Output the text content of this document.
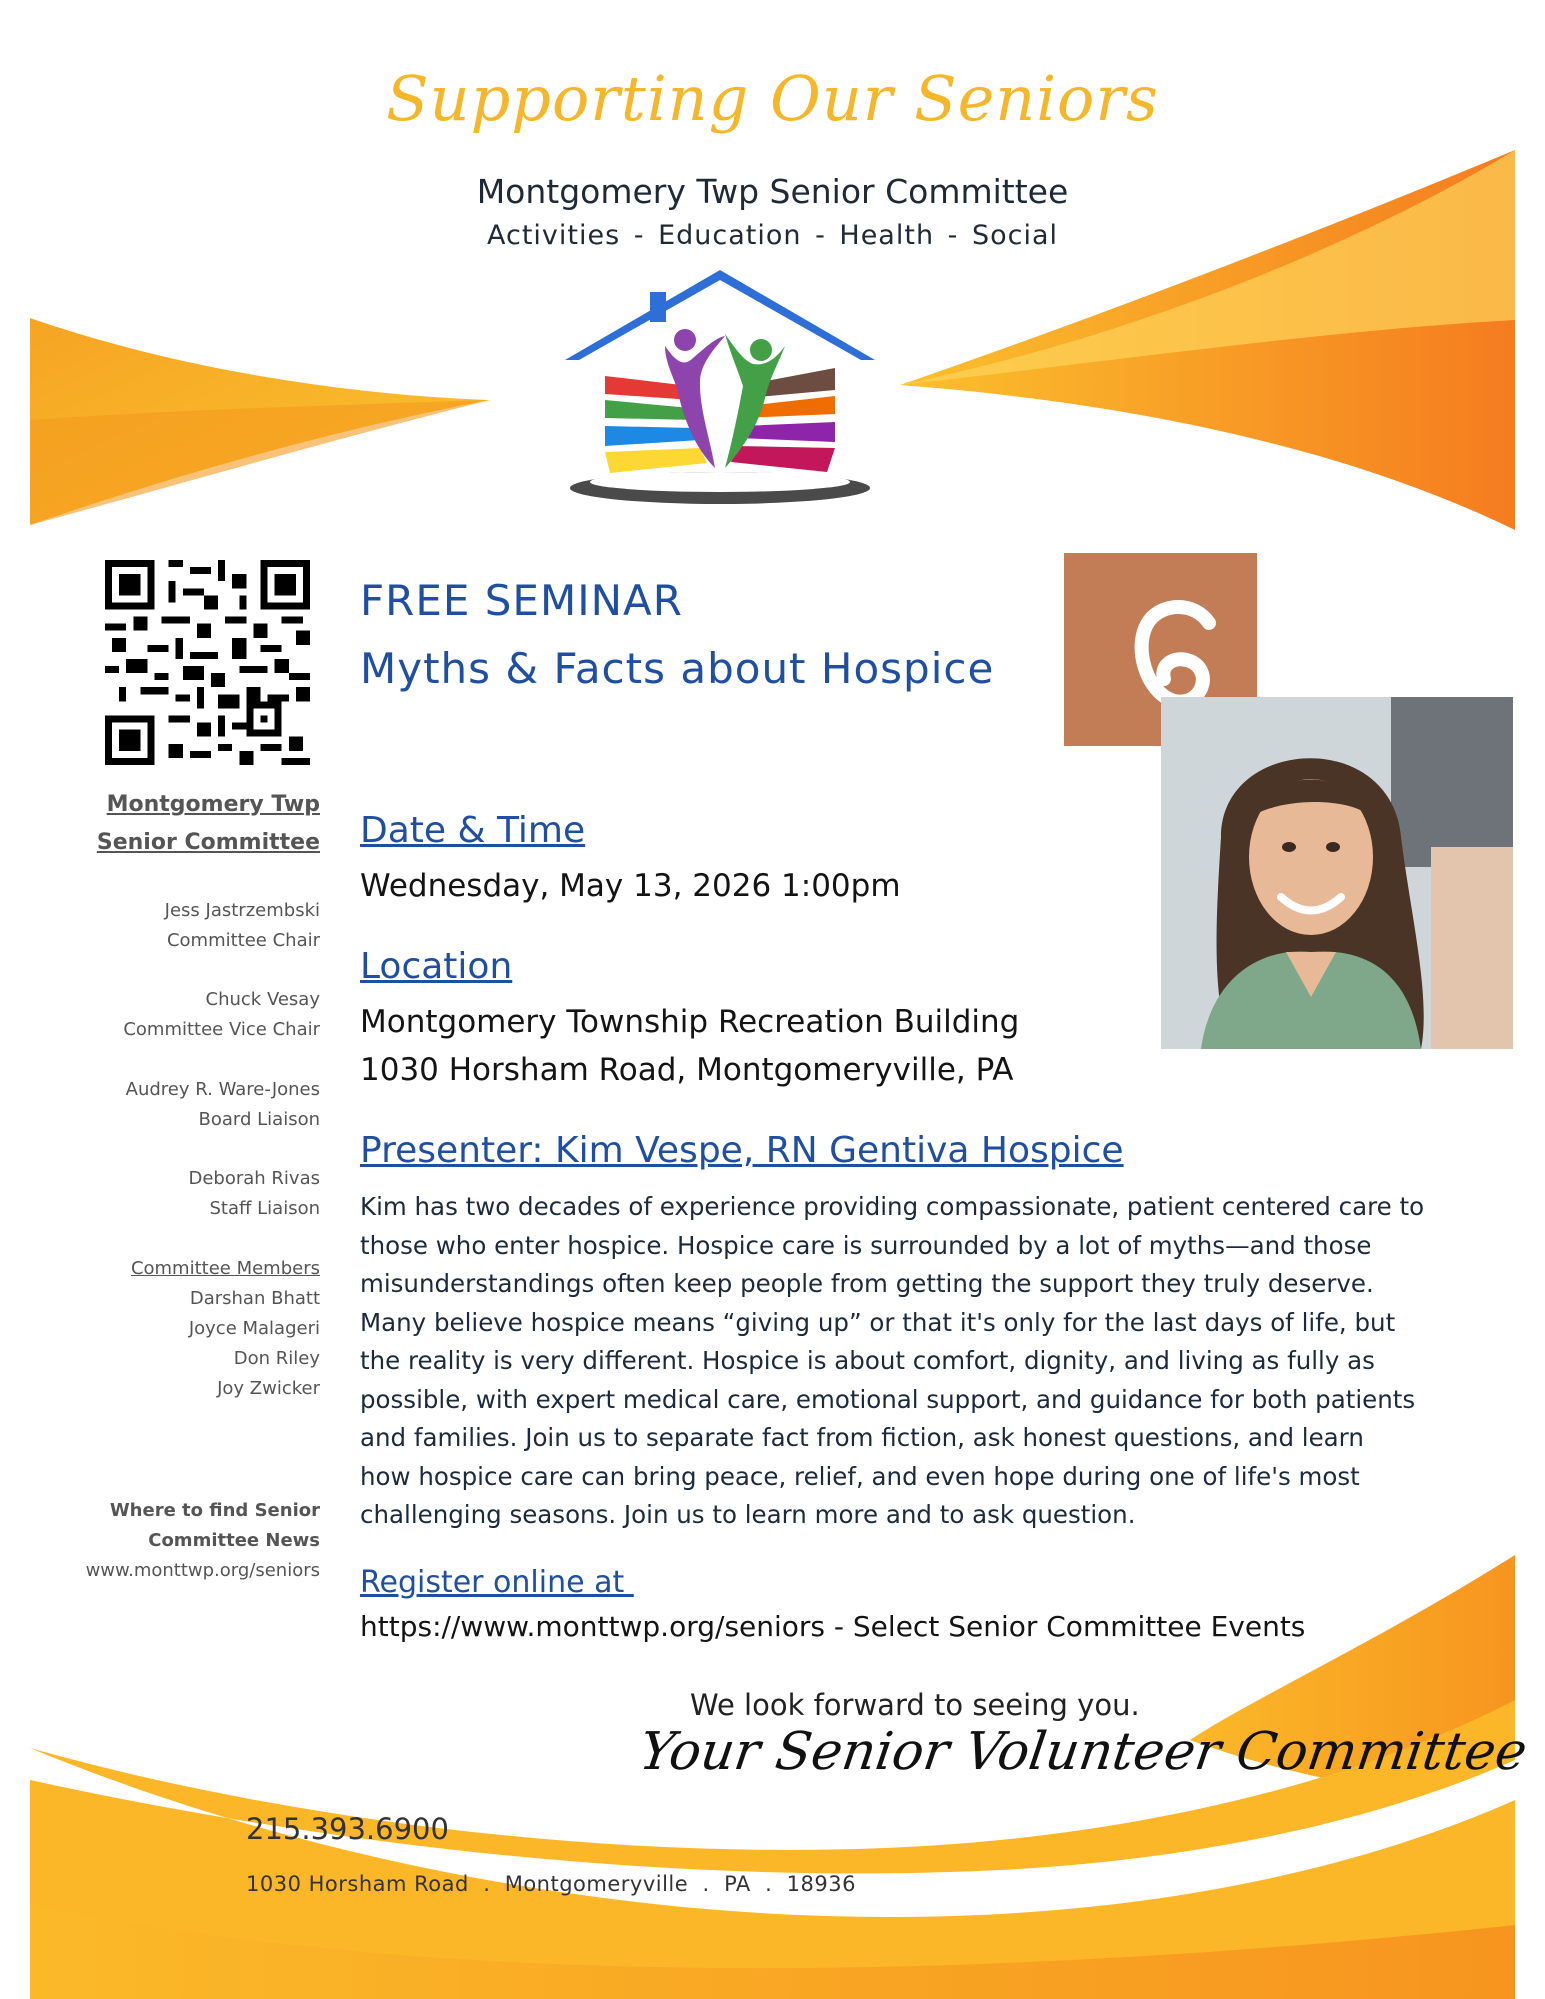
Supporting Our Seniors
Montgomery Twp Senior Committee
Activities - Education - Health - Social
Montgomery Twp
Senior Committee
Jess Jastrzembski
Committee Chair
Chuck Vesay
Committee Vice Chair
Audrey R. Ware-Jones
Board Liaison
Deborah Rivas
Staff Liaison
Committee Members
Darshan Bhatt
Joyce Malageri
Don Riley
Joy Zwicker
Where to find Senior
Committee News
www.monttwp.org/seniors
FREE SEMINAR
Myths & Facts about Hospice
Date & Time
Wednesday, May 13, 2026 1:00pm
Location
Montgomery Township Recreation Building
1030 Horsham Road, Montgomeryville, PA
Presenter: Kim Vespe, RN Gentiva Hospice
Kim has two decades of experience providing compassionate, patient centered care to
those who enter hospice. Hospice care is surrounded by a lot of myths—and those
misunderstandings often keep people from getting the support they truly deserve.
Many believe hospice means “giving up” or that it's only for the last days of life, but
the reality is very different. Hospice is about comfort, dignity, and living as fully as
possible, with expert medical care, emotional support, and guidance for both patients
and families. Join us to separate fact from fiction, ask honest questions, and learn
how hospice care can bring peace, relief, and even hope during one of life's most
challenging seasons. Join us to learn more and to ask question.
Register online at
https://www.monttwp.org/seniors - Select Senior Committee Events
We look forward to seeing you.
Your Senior Volunteer Committee
215.393.6900
1030 Horsham Road  .  Montgomeryville  .  PA  .  18936
